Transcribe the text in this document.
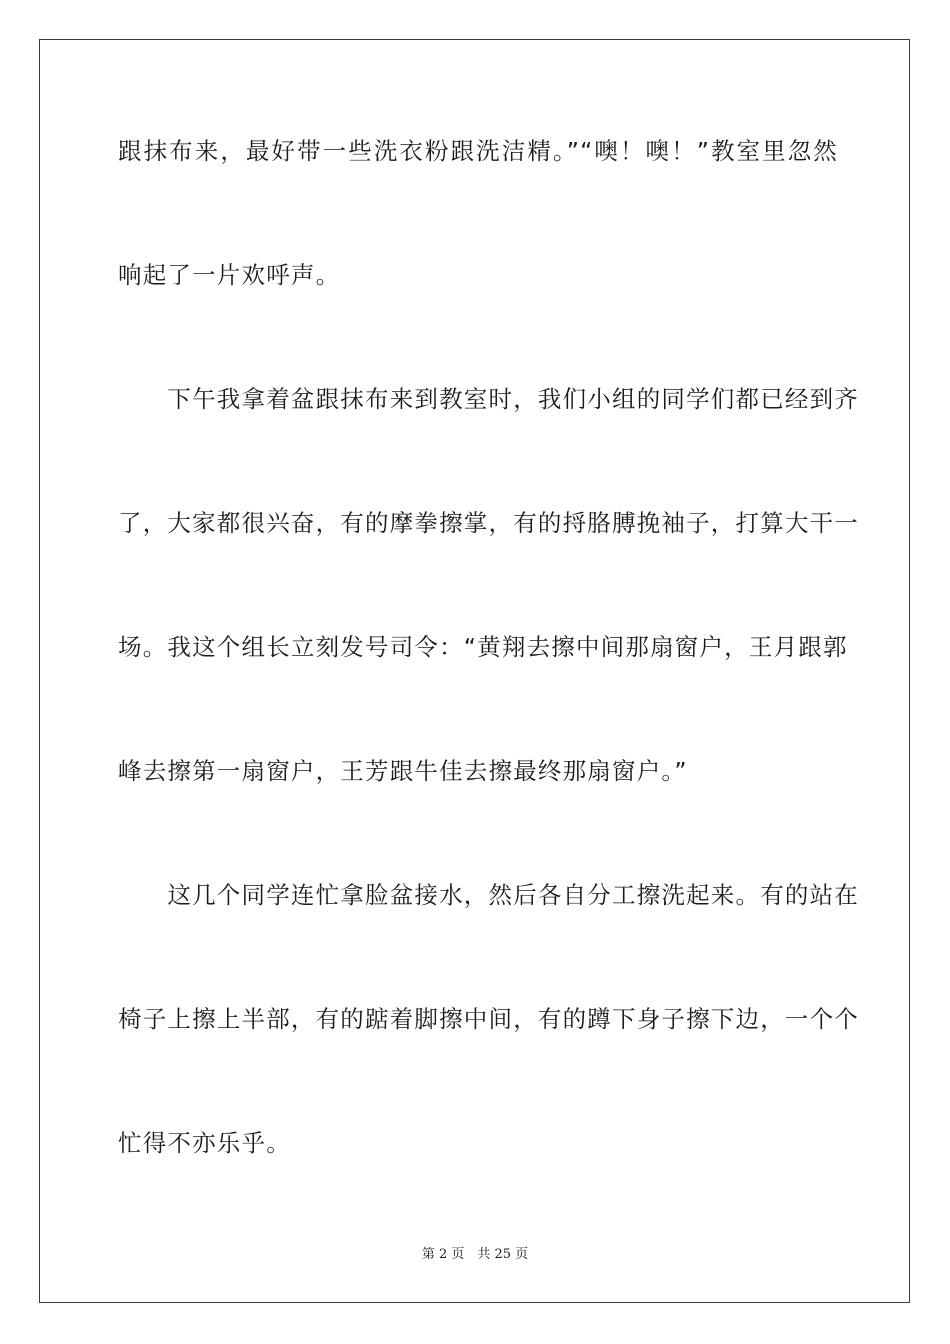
跟抹布来，最好带一些洗衣粉跟洗洁精。”“噢！噢！”教室里忽然
响起了一片欢呼声。
　　下午我拿着盆跟抹布来到教室时，我们小组的同学们都已经到齐
了，大家都很兴奋，有的摩拳擦掌，有的捋胳膊挽袖子，打算大干一
场。我这个组长立刻发号司令：“黄翔去擦中间那扇窗户，王月跟郭
峰去擦第一扇窗户，王芳跟牛佳去擦最终那扇窗户。”
　　这几个同学连忙拿脸盆接水，然后各自分工擦洗起来。有的站在
椅子上擦上半部，有的踮着脚擦中间，有的蹲下身子擦下边，一个个
忙得不亦乐乎。
第 2 页　共 25 页
